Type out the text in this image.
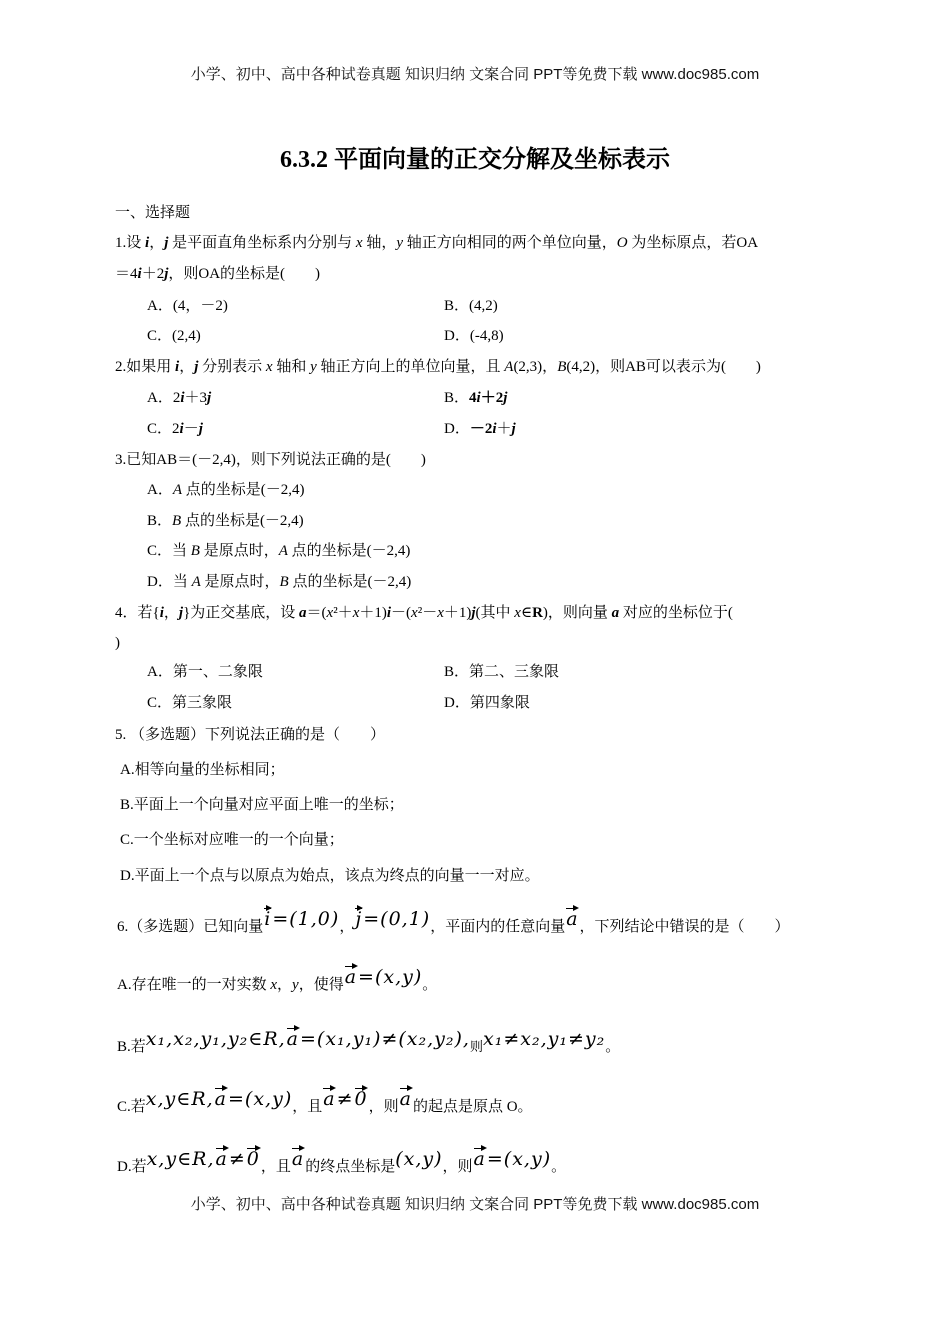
小学、初中、高中各种试卷真题 知识归纳 文案合同 PPT等免费下载 www.doc985.com
6.3.2 平面向量的正交分解及坐标表示
一、选择题
1.设 i，j 是平面直角坐标系内分别与 x 轴，y 轴正方向相同的两个单位向量，O 为坐标原点，若OA
＝4i＋2j，则OA的坐标是(　　)
A．(4，－2)	B．(4,2)
C．(2,4)	D．(-4,8)
2.如果用 i，j 分别表示 x 轴和 y 轴正方向上的单位向量，且 A(2,3)，B(4,2)，则AB可以表示为(　　)
A．2i＋3j	B．4i＋2j
C．2i－j	D．－2i＋j
3.已知AB＝(－2,4)，则下列说法正确的是(　　)
A．A 点的坐标是(－2,4)
B．B 点的坐标是(－2,4)
C．当 B 是原点时，A 点的坐标是(－2,4)
D．当 A 是原点时，B 点的坐标是(－2,4)
4．若{i，j}为正交基底，设 a＝(x²＋x＋1)i－(x²－x＋1)j(其中 x∈R)，则向量 a 对应的坐标位于(
)
A．第一、二象限	B．第二、三象限
C．第三象限	D．第四象限
5. （多选题）下列说法正确的是（　　）
A.相等向量的坐标相同；
B.平面上一个向量对应平面上唯一的坐标；
C.一个坐标对应唯一的一个向量；
D.平面上一个点与以原点为始点，该点为终点的向量一一对应。
6.（多选题）已知向量i=(1,0)，j=(0,1)，平面内的任意向量a，下列结论中错误的是（　　）
A.存在唯一的一对实数 x，y，使得a=(x,y)。
B.若x₁,x₂,y₁,y₂∈R,a=(x₁,y₁)≠(x₂,y₂),则x₁≠x₂,y₁≠y₂。
C.若x,y∈R,a=(x,y)，且a≠0，则a的起点是原点 O。
D.若x,y∈R,a≠0，且a的终点坐标是(x,y)，则a=(x,y)。
小学、初中、高中各种试卷真题 知识归纳 文案合同 PPT等免费下载 www.doc985.com
